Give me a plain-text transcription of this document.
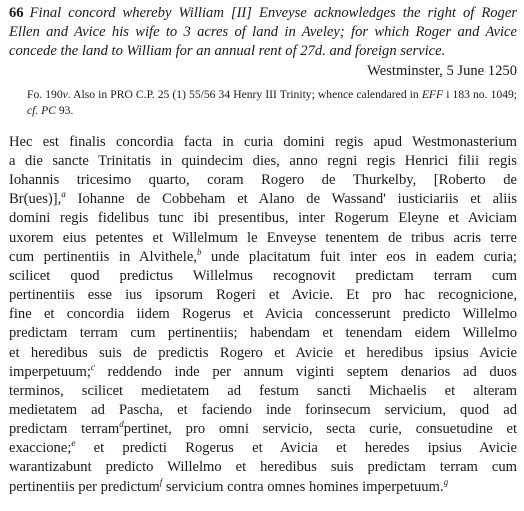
66 Final concord whereby William [II] Enveyse acknowledges the right of Roger Ellen and Avice his wife to 3 acres of land in Aveley; for which Roger and Avice concede the land to William for an annual rent of 27d. and foreign service.
Westminster, 5 June 1250

Fo. 190v. Also in PRO C.P. 25 (1) 55/56 34 Henry III Trinity; whence calendared in EFF i 183 no. 1049; cf. PC 93.

Hec est finalis concordia facta in curia domini regis apud Westmonasterium
a die sancte Trinitatis in quindecim dies, anno regni regis Henrici filii regis
Iohannis tricesimo quarto, coram Rogero de Thurkelby, [Roberto de
Br(ues)],$^a$ Iohanne de Cobbeham et Alano de Wassand' iusticiariis et aliis
domini regis fidelibus tunc ibi presentibus, inter Rogerum Eleyne et Aviciam
uxorem eius petentes et Willelmum le Enveyse tenentem de tribus acris terre
cum pertinentiis in Alvithele,$^b$ unde placitatum fuit inter eos in eadem curia;
scilicet quod predictus Willelmus recognovit predictam terram cum
pertinentiis esse ius ipsorum Rogeri et Avicie. Et pro hac recognicione,
fine et concordia iidem Rogerus et Avicia concesserunt predicto Willelmo
predictam terram cum pertinentiis; habendam et tenendam eidem Willelmo
et heredibus suis de predictis Rogero et Avicie et heredibus ipsius Avicie
imperpetuum;$^c$ reddendo inde per annum viginti septem denarios ad duos
terminos, scilicet medietatem ad festum sancti Michaelis et alteram
medietatem ad Pascha, et faciendo inde forinsecum servicium, quod ad
predictam terram$^d$pertinet, pro omni servicio, secta curie, consuetudine et
exaccione;$^e$ et predicti Rogerus et Avicia et heredes ipsius Avicie
warantizabunt predicto Willelmo et heredibus suis predictam terram cum
pertinentiis per predictum$^f$ servicium contra omnes homines imperpetuum.$^g$
